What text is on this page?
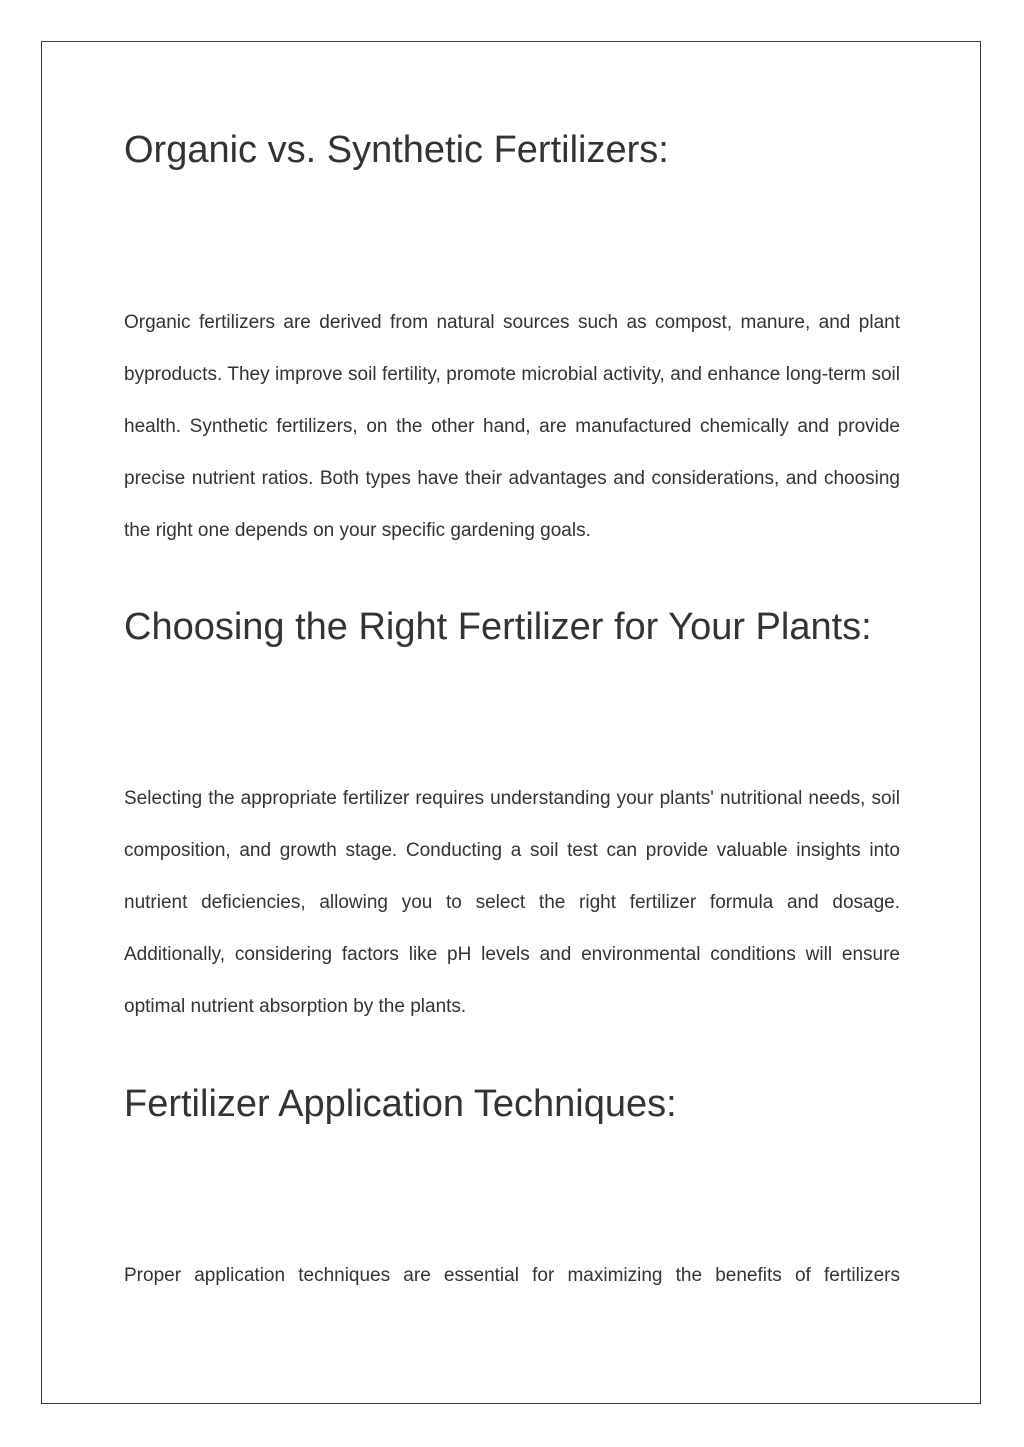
Organic vs. Synthetic Fertilizers:

Organic fertilizers are derived from natural sources such as compost, manure, and plant byproducts. They improve soil fertility, promote microbial activity, and enhance long-term soil health. Synthetic fertilizers, on the other hand, are manufactured chemically and provide precise nutrient ratios. Both types have their advantages and considerations, and choosing the right one depends on your specific gardening goals.

Choosing the Right Fertilizer for Your Plants:

Selecting the appropriate fertilizer requires understanding your plants' nutritional needs, soil composition, and growth stage. Conducting a soil test can provide valuable insights into nutrient deficiencies, allowing you to select the right fertilizer formula and dosage. Additionally, considering factors like pH levels and environmental conditions will ensure optimal nutrient absorption by the plants.

Fertilizer Application Techniques:

Proper application techniques are essential for maximizing the benefits of fertilizers
